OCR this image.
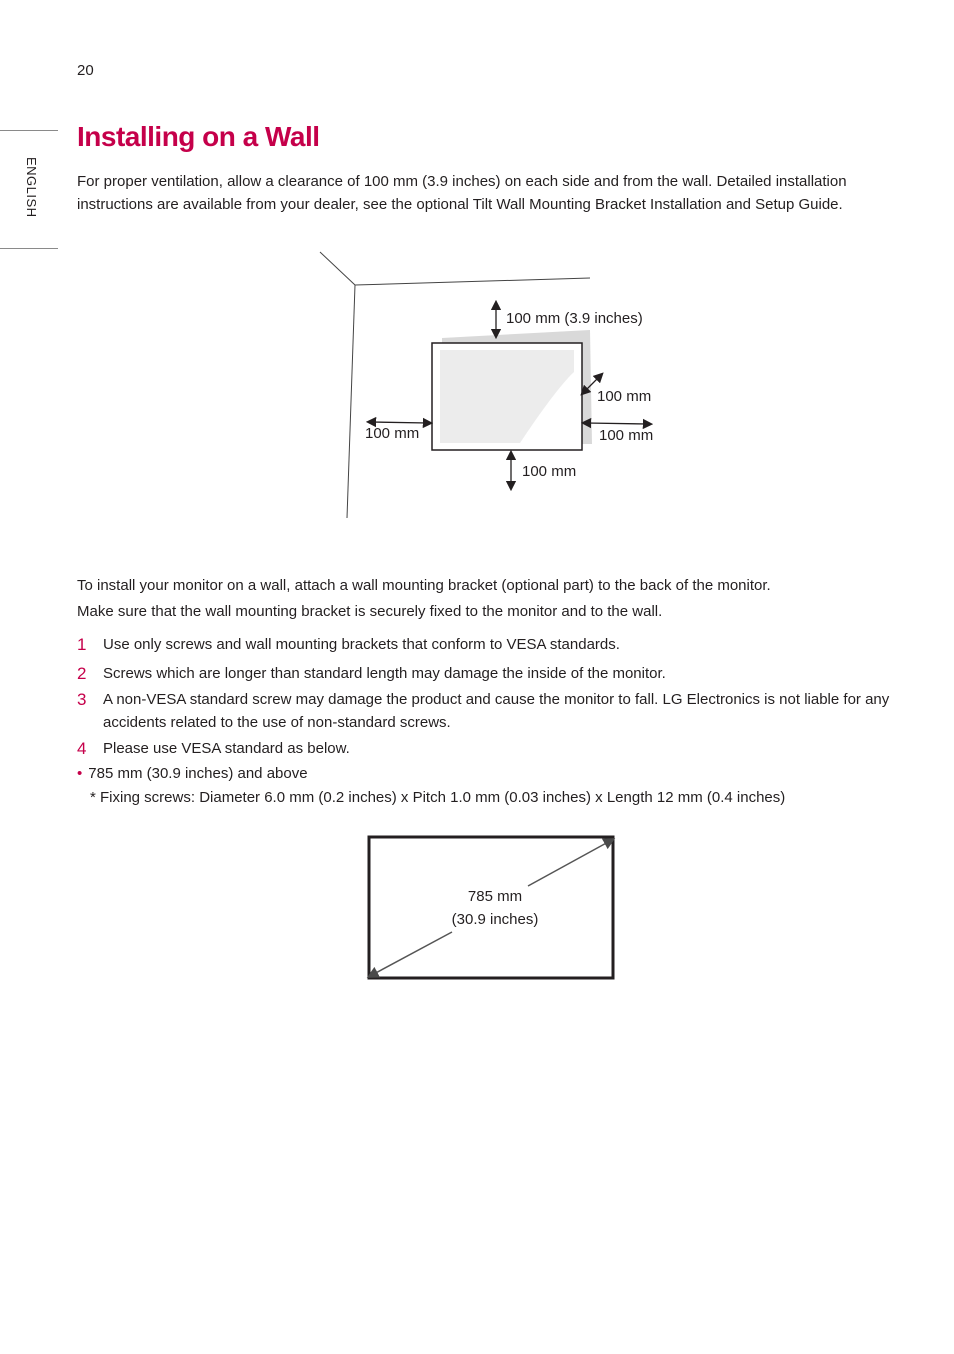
20
ENGLISH
Installing on a Wall

For proper ventilation, allow a clearance of 100 mm (3.9 inches) on each side and from the wall. Detailed installation instructions are available from your dealer, see the optional Tilt Wall Mounting Bracket Installation and Setup Guide.

100 mm (3.9 inches)
100 mm
100 mm	100 mm
100 mm

To install your monitor on a wall, attach a wall mounting bracket (optional part) to the back of the monitor.

Make sure that the wall mounting bracket is securely fixed to the monitor and to the wall.

1 Use only screws and wall mounting brackets that conform to VESA standards.
2 Screws which are longer than standard length may damage the inside of the monitor.
3 A non-VESA standard screw may damage the product and cause the monitor to fall. LG Electronics is not liable for any accidents related to the use of non-standard screws.
4 Please use VESA standard as below.
• 785 mm (30.9 inches) and above
* Fixing screws: Diameter 6.0 mm (0.2 inches) x Pitch 1.0 mm (0.03 inches) x Length 12 mm (0.4 inches)
785 mm
(30.9 inches)
